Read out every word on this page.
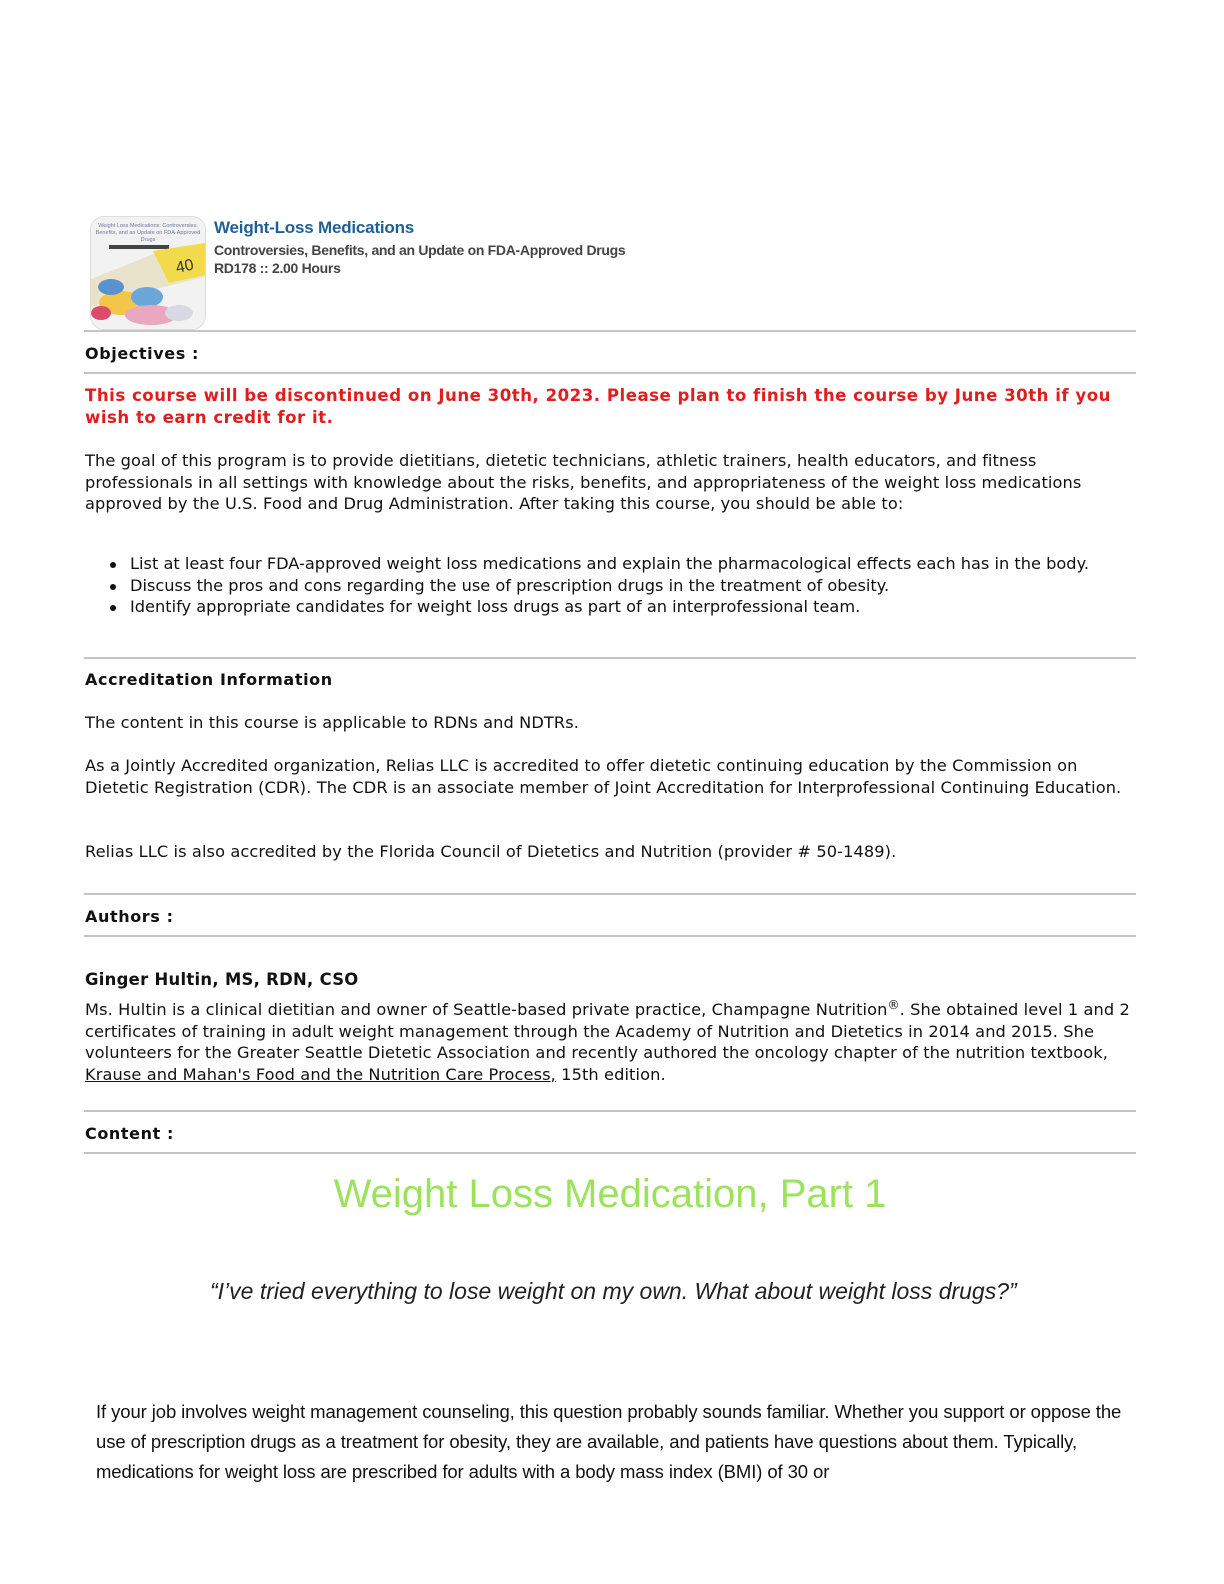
Weight Loss Medications: Controversies,
Benefits, and an Update on FDA-Approved
Drugs
40
Weight-Loss Medications
Controversies, Benefits, and an Update on FDA-Approved Drugs
RD178 :: 2.00 Hours
Objectives :
This course will be discontinued on June 30th, 2023. Please plan to finish the course by June 30th if you wish to earn credit for it.
The goal of this program is to provide dietitians, dietetic technicians, athletic trainers, health educators, and fitness professionals in all settings with knowledge about the risks, benefits, and appropriateness of the weight loss medications approved by the U.S. Food and Drug Administration. After taking this course, you should be able to:
List at least four FDA-approved weight loss medications and explain the pharmacological effects each has in the body.
Discuss the pros and cons regarding the use of prescription drugs in the treatment of obesity.
Identify appropriate candidates for weight loss drugs as part of an interprofessional team.
Accreditation Information
The content in this course is applicable to RDNs and NDTRs.
As a Jointly Accredited organization, Relias LLC is accredited to offer dietetic continuing education by the Commission on Dietetic Registration (CDR). The CDR is an associate member of Joint Accreditation for Interprofessional Continuing Education.
Relias LLC is also accredited by the Florida Council of Dietetics and Nutrition (provider # 50-1489).
Authors :
Ginger Hultin, MS, RDN, CSO
Ms. Hultin is a clinical dietitian and owner of Seattle-based private practice, Champagne Nutrition®. She obtained level 1 and 2 certificates of training in adult weight management through the Academy of Nutrition and Dietetics in 2014 and 2015. She volunteers for the Greater Seattle Dietetic Association and recently authored the oncology chapter of the nutrition textbook, Krause and Mahan's Food and the Nutrition Care Process, 15th edition.
Content :
Weight Loss Medication, Part 1
“I’ve tried everything to lose weight on my own. What about weight loss drugs?”
If your job involves weight management counseling, this question probably sounds familiar. Whether you support or oppose the use of prescription drugs as a treatment for obesity, they are available, and patients have questions about them. Typically, medications for weight loss are prescribed for adults with a body mass index (BMI) of 30 or
